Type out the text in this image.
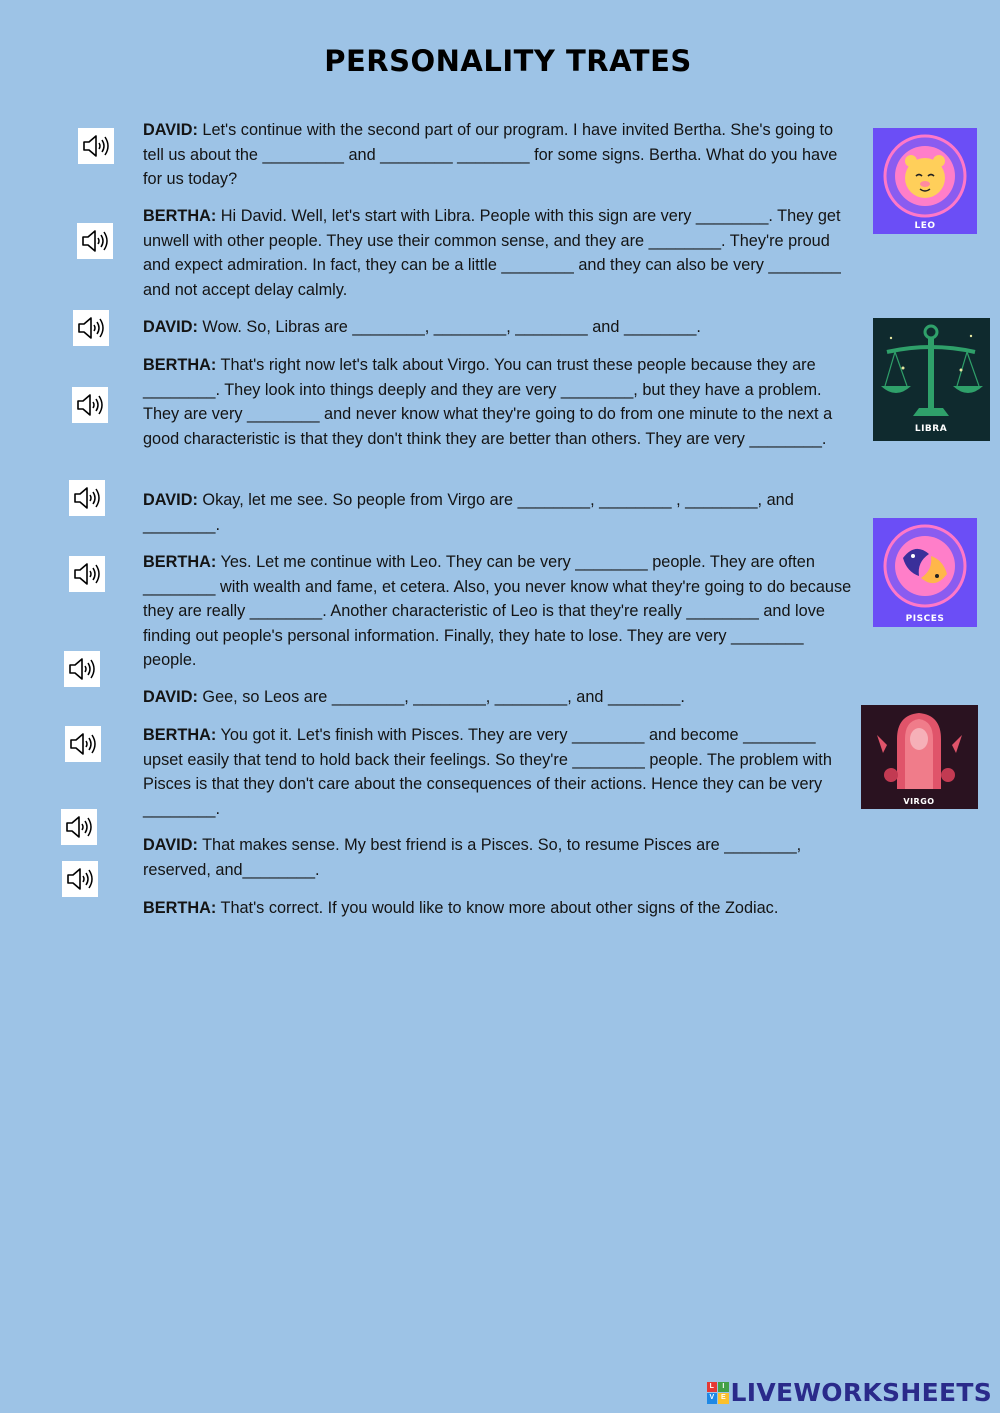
PERSONALITY TRATES
DAVID: Let's continue with the second part of our program. I have invited Bertha. She's going to tell us about the _________ and ________ ________ for some signs. Bertha. What do you have for us today?
BERTHA: Hi David. Well, let's start with Libra. People with this sign are very ________. They get unwell with other people. They use their common sense, and they are ________. They're proud and expect admiration. In fact, they can be a little ________ and they can also be very ________ and not accept delay calmly.
DAVID: Wow. So, Libras are ________, ________, ________ and ________.
BERTHA: That's right now let's talk about Virgo. You can trust these people because they are ________. They look into things deeply and they are very ________, but they have a problem. They are very ________ and never know what they're going to do from one minute to the next a good characteristic is that they don't think they are better than others. They are very ________.
DAVID: Okay, let me see. So people from Virgo are ________, ________ , ________, and ________.
BERTHA: Yes. Let me continue with Leo. They can be very ________ people. They are often ________ with wealth and fame, et cetera. Also, you never know what they're going to do because they are really ________. Another characteristic of Leo is that they're really ________ and love finding out people's personal information. Finally, they hate to lose. They are very ________ people.
DAVID: Gee, so Leos are ________, ________, ________, and ________.
BERTHA: You got it. Let's finish with Pisces. They are very ________ and become ________ upset easily that tend to hold back their feelings. So they're ________ people. The problem with Pisces is that they don't care about the consequences of their actions. Hence they can be very ________.
DAVID: That makes sense. My best friend is a Pisces. So, to resume Pisces are ________, reserved, and________.
BERTHA: That's correct. If you would like to know more about other signs of the Zodiac.
LEO
LIBRA
PISCES
VIRGO
L	I
V E LIVEWORKSHEETS
